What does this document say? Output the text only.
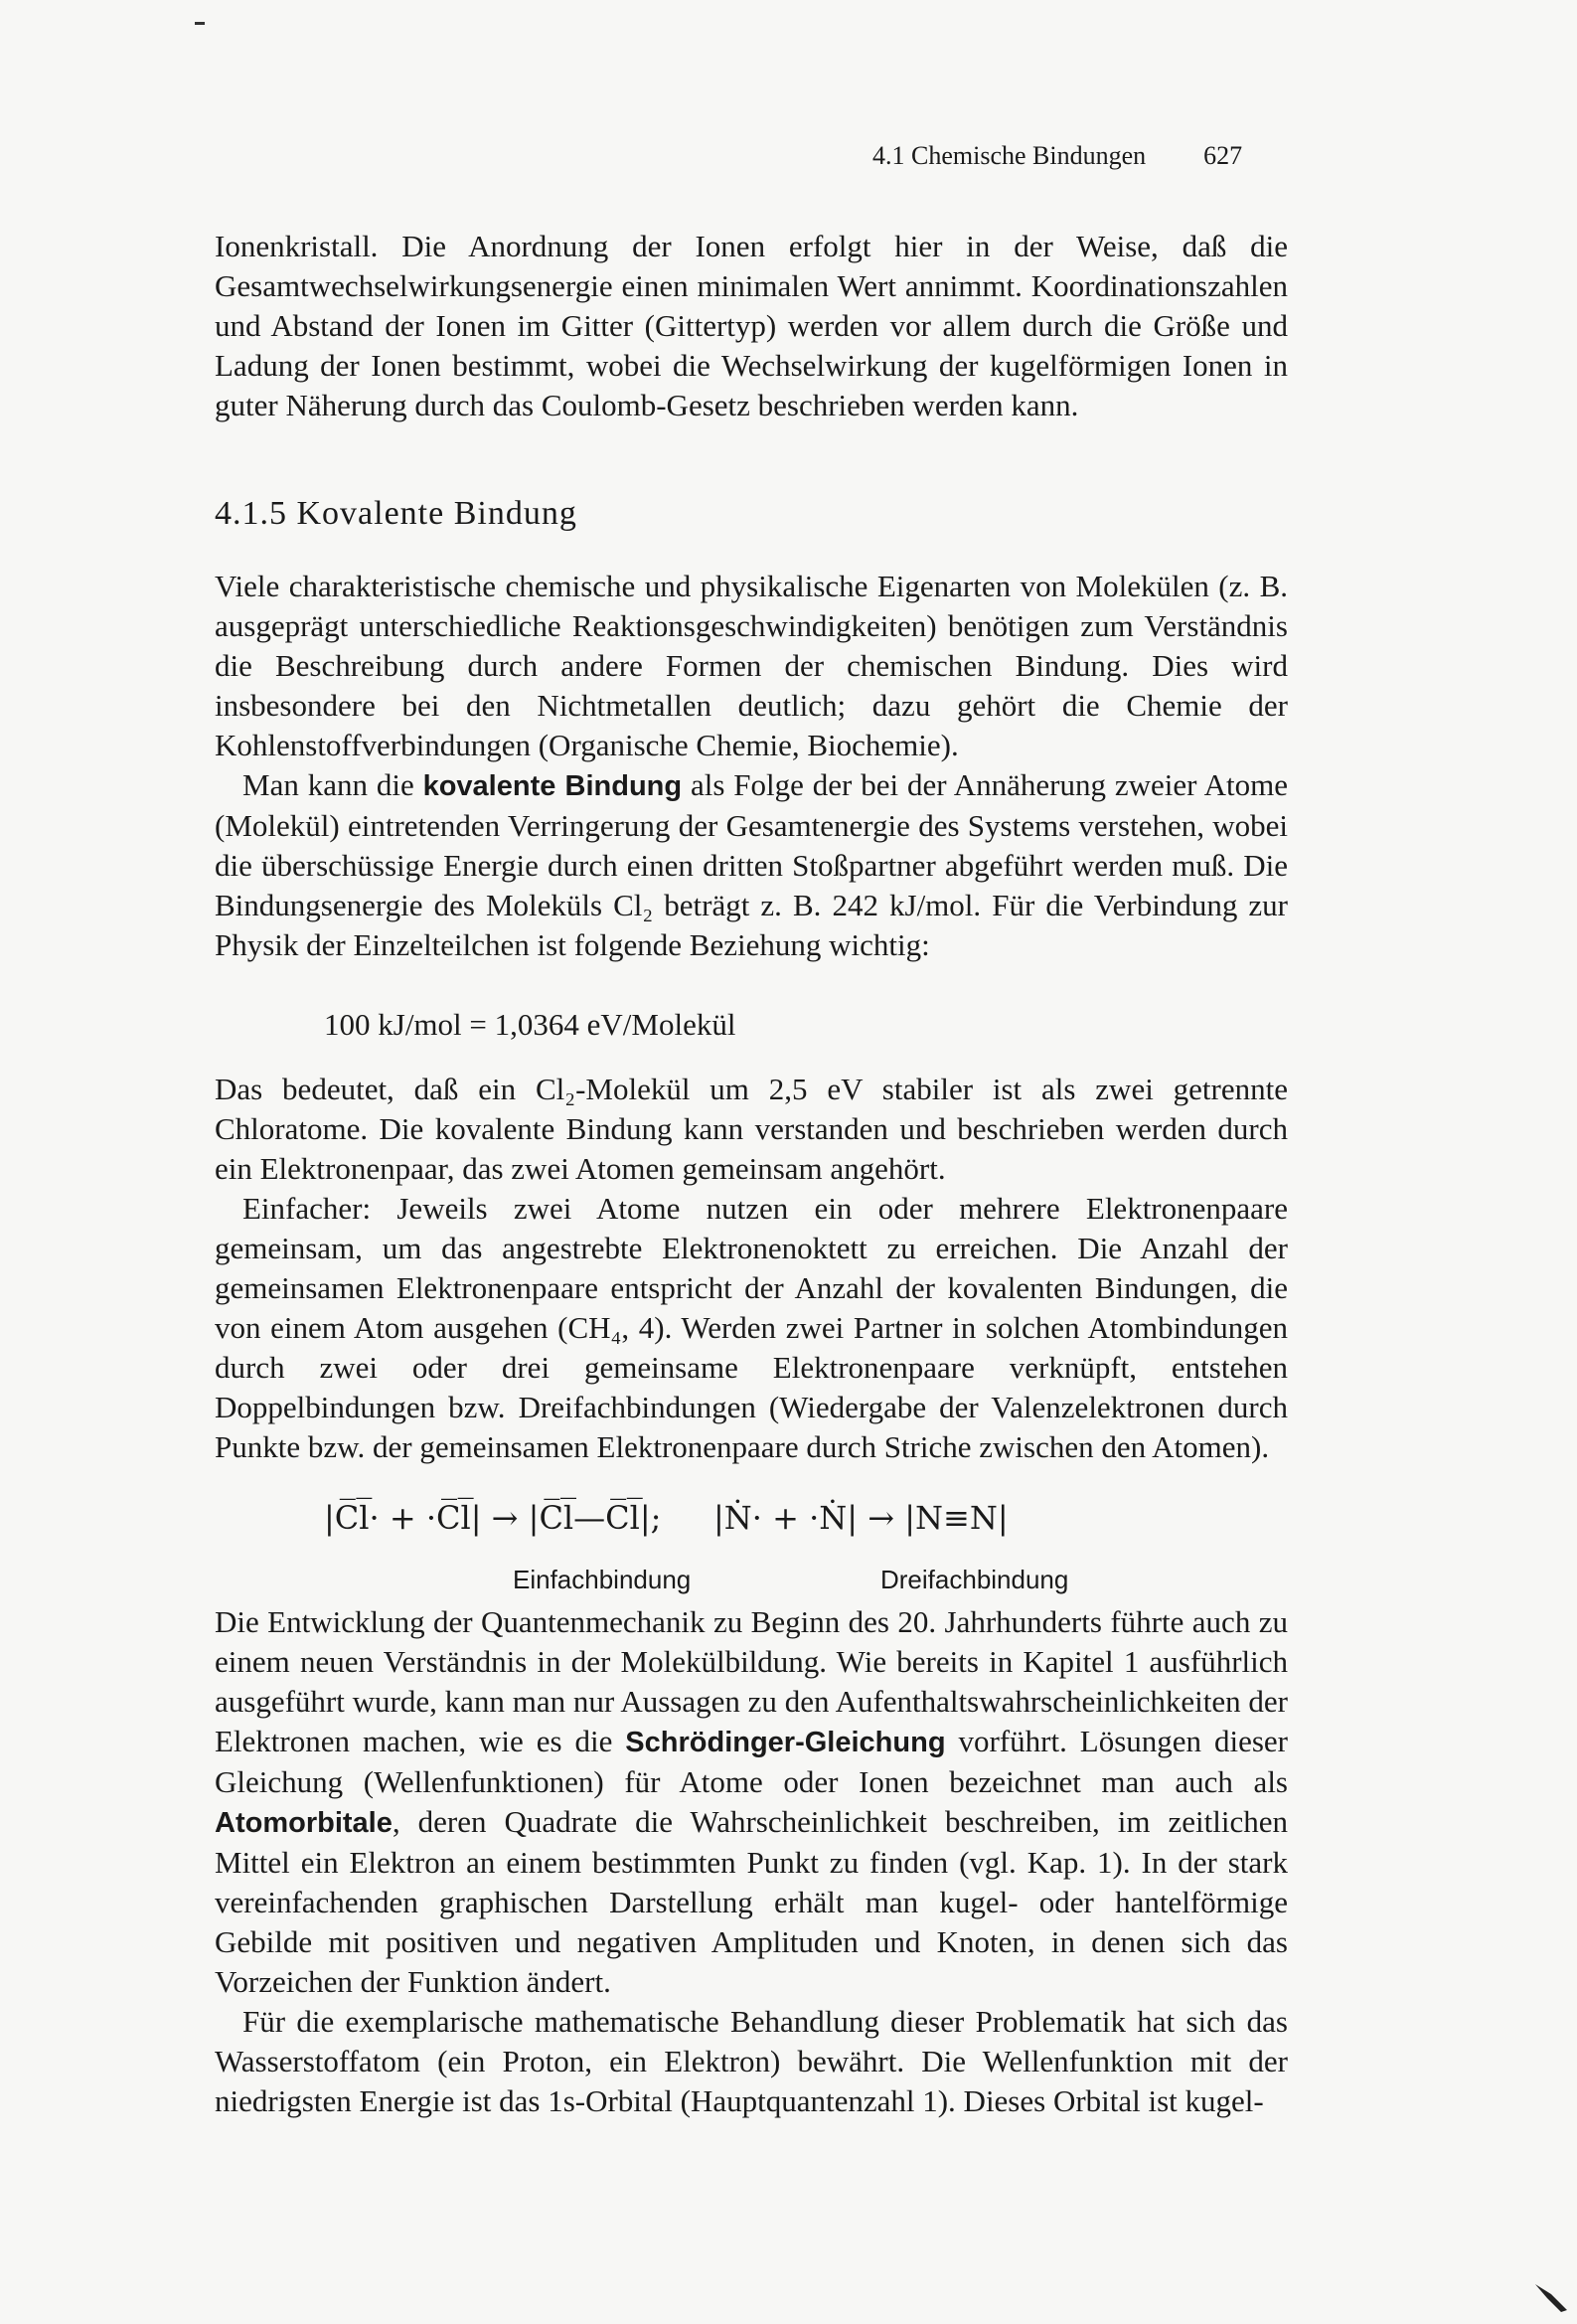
4.1 Chemische Bindungen 627

Ionenkristall. Die Anordnung der Ionen erfolgt hier in der Weise, daß die Gesamtwechselwirkungsenergie einen minimalen Wert annimmt. Koordinationszahlen und Abstand der Ionen im Gitter (Gittertyp) werden vor allem durch die Größe und Ladung der Ionen bestimmt, wobei die Wechselwirkung der kugelförmigen Ionen in guter Näherung durch das Coulomb-Gesetz beschrieben werden kann.

4.1.5 Kovalente Bindung

Viele charakteristische chemische und physikalische Eigenarten von Molekülen (z. B. ausgeprägt unterschiedliche Reaktionsgeschwindigkeiten) benötigen zum Verständnis die Beschreibung durch andere Formen der chemischen Bindung. Dies wird insbesondere bei den Nichtmetallen deutlich; dazu gehört die Chemie der Kohlenstoffverbindungen (Organische Chemie, Biochemie).

Man kann die kovalente Bindung als Folge der bei der Annäherung zweier Atome (Molekül) eintretenden Verringerung der Gesamtenergie des Systems verstehen, wobei die überschüssige Energie durch einen dritten Stoßpartner abgeführt werden muß. Die Bindungsenergie des Moleküls Cl₂ beträgt z. B. 242 kJ/mol. Für die Verbindung zur Physik der Einzelteilchen ist folgende Beziehung wichtig:

100 kJ/mol = 1,0364 eV/Molekül

Das bedeutet, daß ein Cl₂-Molekül um 2,5 eV stabiler ist als zwei getrennte Chloratome. Die kovalente Bindung kann verstanden und beschrieben werden durch ein Elektronenpaar, das zwei Atomen gemeinsam angehört.

Einfacher: Jeweils zwei Atome nutzen ein oder mehrere Elektronenpaare gemeinsam, um das angestrebte Elektronenoktett zu erreichen. Die Anzahl der gemeinsamen Elektronenpaare entspricht der Anzahl der kovalenten Bindungen, die von einem Atom ausgehen (CH₄, 4). Werden zwei Partner in solchen Atombindungen durch zwei oder drei gemeinsame Elektronenpaare verknüpft, entstehen Doppelbindungen bzw. Dreifachbindungen (Wiedergabe der Valenzelektronen durch Punkte bzw. der gemeinsamen Elektronenpaare durch Striche zwischen den Atomen).

|C̅l̅· + ·C̅l̅| → |C̅l̅—C̅l̅|; |Ṅ· + ·Ṅ| → |N≡N|
Einfachbindung	Dreifachbindung

Die Entwicklung der Quantenmechanik zu Beginn des 20. Jahrhunderts führte auch zu einem neuen Verständnis in der Molekülbildung. Wie bereits in Kapitel 1 ausführlich ausgeführt wurde, kann man nur Aussagen zu den Aufenthaltswahrscheinlichkeiten der Elektronen machen, wie es die Schrödinger-Gleichung vorführt. Lösungen dieser Gleichung (Wellenfunktionen) für Atome oder Ionen bezeichnet man auch als Atomorbitale, deren Quadrate die Wahrscheinlichkeit beschreiben, im zeitlichen Mittel ein Elektron an einem bestimmten Punkt zu finden (vgl. Kap. 1). In der stark vereinfachenden graphischen Darstellung erhält man kugel- oder hantelförmige Gebilde mit positiven und negativen Amplituden und Knoten, in denen sich das Vorzeichen der Funktion ändert.

Für die exemplarische mathematische Behandlung dieser Problematik hat sich das Wasserstoffatom (ein Proton, ein Elektron) bewährt. Die Wellenfunktion mit der niedrigsten Energie ist das 1s-Orbital (Hauptquantenzahl 1). Dieses Orbital ist kugel-
